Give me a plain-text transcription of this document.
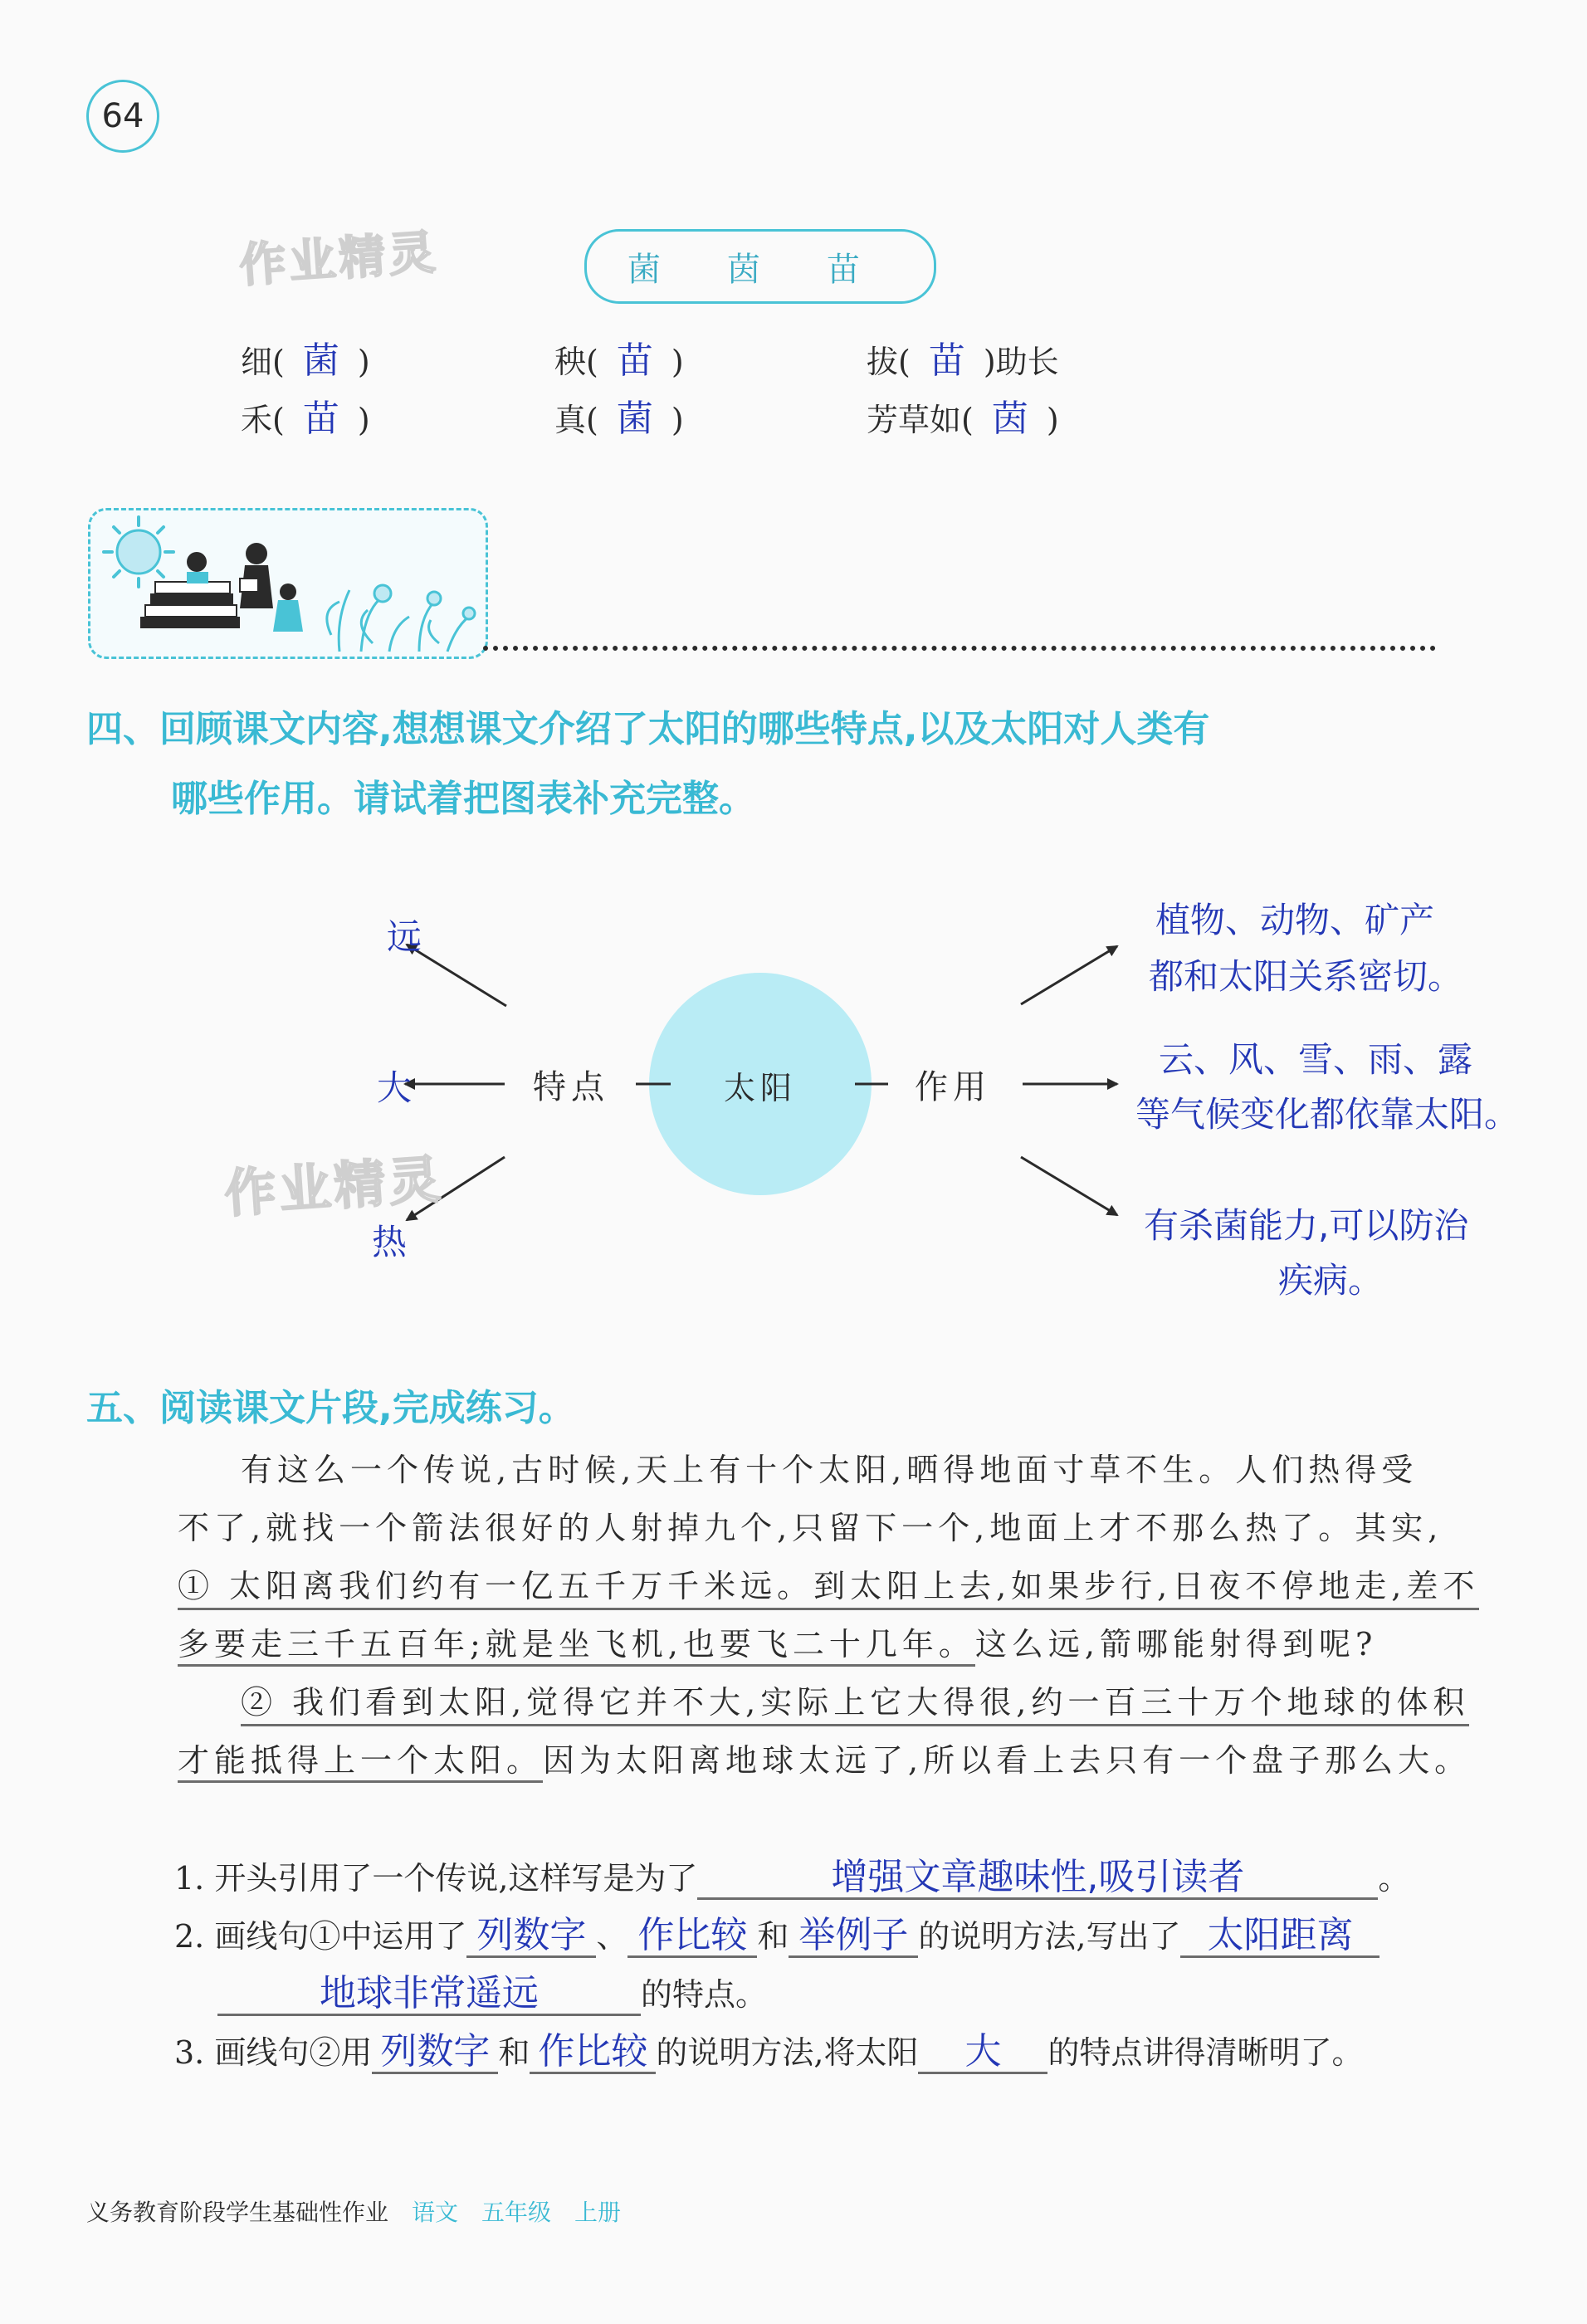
64
作业精灵	菌 茵 苗
细( 菌 )	秧( 苗 )	拔( 苗 )助长
禾( 苗 )	真( 菌 )	芳草如( 茵 )
四、回顾课文内容,想想课文介绍了太阳的哪些特点,以及太阳对人类有
哪些作用。请试着把图表补充完整。
太阳
特点	作用
远
大
热
植物、动物、矿产
都和太阳关系密切。
云、风、雪、雨、露
等气候变化都依靠太阳。
有杀菌能力,可以防治
疾病。
作业精灵
五、阅读课文片段,完成练习。
有这么一个传说,古时候,天上有十个太阳,晒得地面寸草不生。人们热得受
不了,就找一个箭法很好的人射掉九个,只留下一个,地面上才不那么热了。其实,
① 太阳离我们约有一亿五千万千米远。到太阳上去,如果步行,日夜不停地走,差不
多要走三千五百年;就是坐飞机,也要飞二十几年。这么远,箭哪能射得到呢?
② 我们看到太阳,觉得它并不大,实际上它大得很,约一百三十万个地球的体积
才能抵得上一个太阳。因为太阳离地球太远了,所以看上去只有一个盘子那么大。
1. 开头引用了一个传说,这样写是为了	增强文章趣味性,吸引读者	。
2. 画线句①中运用了 列数字 、 作比较 和 举例子 的说明方法,写出了 太阳距离
地球非常遥远	的特点。
3. 画线句②用 列数字 和 作比较 的说明方法,将太阳 大 的特点讲得清晰明了。
义务教育阶段学生基础性作业 语文 五年级 上册
